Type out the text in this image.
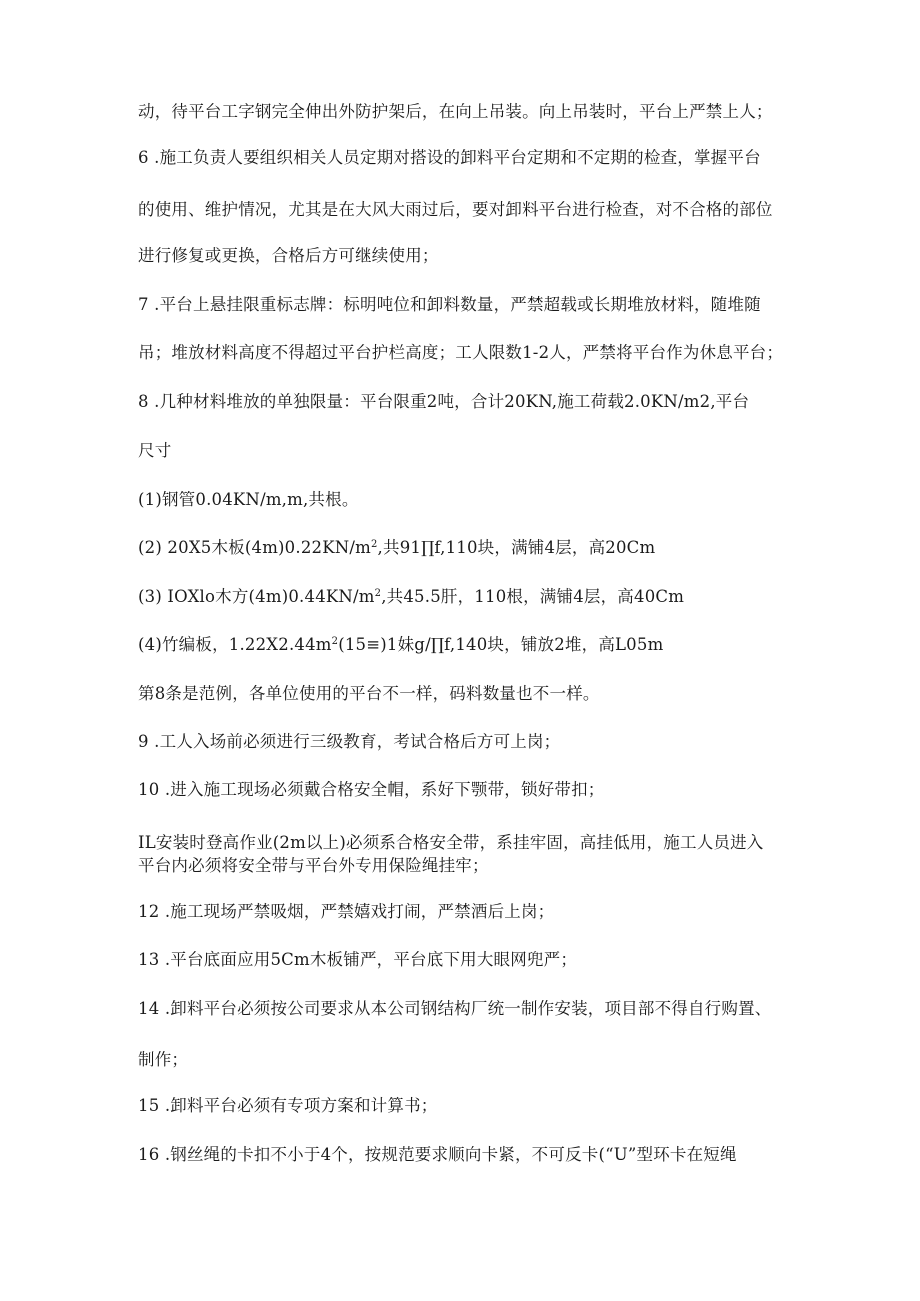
动，待平台工字钢完全伸出外防护架后，在向上吊装。向上吊装时，平台上严禁上人；

6 .施工负责人要组织相关人员定期对搭设的卸料平台定期和不定期的检查，掌握平台

的使用、维护情况，尤其是在大风大雨过后，要对卸料平台进行检查，对不合格的部位

进行修复或更换，合格后方可继续使用；

7 .平台上悬挂限重标志牌：标明吨位和卸料数量，严禁超载或长期堆放材料，随堆随

吊；堆放材料高度不得超过平台护栏高度；工人限数1-2人，严禁将平台作为休息平台；

8 .几种材料堆放的单独限量：平台限重2吨，合计20KN,施工荷载2.0KN/m2,平台

尺寸

(1)钢管0.04KN/m,m,共根。

(2) 20X5木板$(4m)0.22KN/m^2$,共91∏f,110块，满铺4层，高20Cm

(3) IOXlo木方$(4m)0.44KN/m^2$,共45.5肝，110根，满铺4层，高40Cm

(4)竹编板，$1.22X2.44m^2(15\equiv)1$妹g/∏f,140块，铺放2堆，高L05m

第8条是范例，各单位使用的平台不一样，码料数量也不一样。

9 .工人入场前必须进行三级教育，考试合格后方可上岗；

10 .进入施工现场必须戴合格安全帽，系好下颚带，锁好带扣；

IL安装时登高作业(2m以上)必须系合格安全带，系挂牢固，高挂低用，施工人员进入

平台内必须将安全带与平台外专用保险绳挂牢；

12 .施工现场严禁吸烟，严禁嬉戏打闹，严禁酒后上岗；

13 .平台底面应用5Cm木板铺严，平台底下用大眼网兜严；

14 .卸料平台必须按公司要求从本公司钢结构厂统一制作安装，项目部不得自行购置、

制作；

15 .卸料平台必须有专项方案和计算书；

16 .钢丝绳的卡扣不小于4个，按规范要求顺向卡紧，不可反卡(“U”型环卡在短绳
